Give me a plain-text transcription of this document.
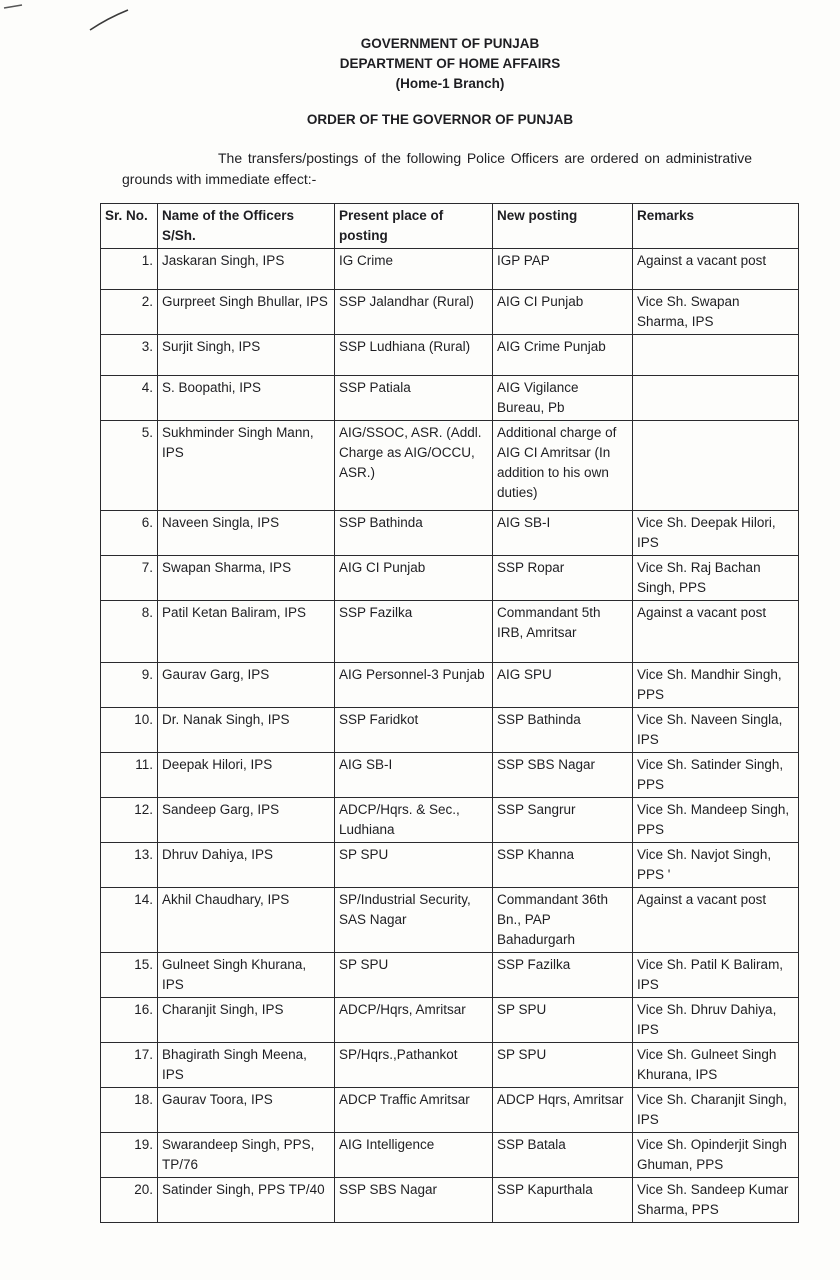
GOVERNMENT OF PUNJAB
DEPARTMENT OF HOME AFFAIRS
(Home-1 Branch)
ORDER OF THE GOVERNOR OF PUNJAB
The transfers/postings of the following Police Officers are ordered on administrative grounds with immediate effect:-
Sr. No.	Name of the Officers S/Sh.	Present place of posting	New posting	Remarks
1.	Jaskaran Singh, IPS	IG Crime	IGP PAP	Against a vacant post
2.	Gurpreet Singh Bhullar, IPS	SSP Jalandhar (Rural)	AIG CI Punjab	Vice Sh. Swapan Sharma, IPS
3.	Surjit Singh, IPS	SSP Ludhiana (Rural)	AIG Crime Punjab	
4.	S. Boopathi, IPS	SSP Patiala	AIG Vigilance Bureau, Pb	
5.	Sukhminder Singh Mann, IPS	AIG/SSOC, ASR. (Addl. Charge as AIG/OCCU, ASR.)	Additional charge of AIG CI Amritsar (In addition to his own duties)	
6.	Naveen Singla, IPS	SSP Bathinda	AIG SB-I	Vice Sh. Deepak Hilori, IPS
7.	Swapan Sharma, IPS	AIG CI Punjab	SSP Ropar	Vice Sh. Raj Bachan Singh, PPS
8.	Patil Ketan Baliram, IPS	SSP Fazilka	Commandant 5th IRB, Amritsar	Against a vacant post
9.	Gaurav Garg, IPS	AIG Personnel-3 Punjab	AIG SPU	Vice Sh. Mandhir Singh, PPS
10.	Dr. Nanak Singh, IPS	SSP Faridkot	SSP Bathinda	Vice Sh. Naveen Singla, IPS
11.	Deepak Hilori, IPS	AIG SB-I	SSP SBS Nagar	Vice Sh. Satinder Singh, PPS
12.	Sandeep Garg, IPS	ADCP/Hqrs. & Sec., Ludhiana	SSP Sangrur	Vice Sh. Mandeep Singh, PPS
13.	Dhruv Dahiya, IPS	SP SPU	SSP Khanna	Vice Sh. Navjot Singh, PPS '
14.	Akhil Chaudhary, IPS	SP/Industrial Security, SAS Nagar	Commandant 36th Bn., PAP Bahadurgarh	Against a vacant post
15.	Gulneet Singh Khurana, IPS	SP SPU	SSP Fazilka	Vice Sh. Patil K Baliram, IPS
16.	Charanjit Singh, IPS	ADCP/Hqrs, Amritsar	SP SPU	Vice Sh. Dhruv Dahiya, IPS
17.	Bhagirath Singh Meena, IPS	SP/Hqrs.,Pathankot	SP SPU	Vice Sh. Gulneet Singh Khurana, IPS
18.	Gaurav Toora, IPS	ADCP Traffic Amritsar	ADCP Hqrs, Amritsar	Vice Sh. Charanjit Singh, IPS
19.	Swarandeep Singh, PPS, TP/76	AIG Intelligence	SSP Batala	Vice Sh. Opinderjit Singh Ghuman, PPS
20.	Satinder Singh, PPS TP/40	SSP SBS Nagar	SSP Kapurthala	Vice Sh. Sandeep Kumar Sharma, PPS
